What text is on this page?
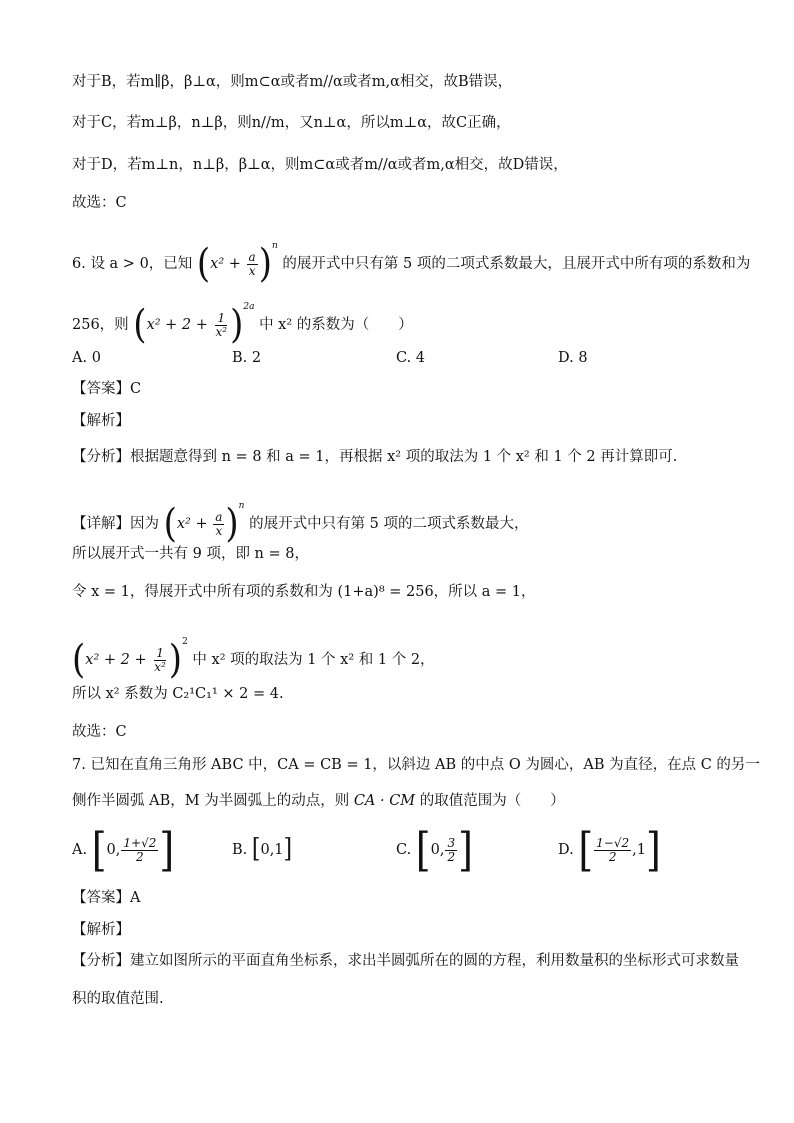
对于B，若m∥β，β⊥α，则m⊂α或者m//α或者m,α相交，故B错误，
对于C，若m⊥β，n⊥β，则n//m，又n⊥α，所以m⊥α，故C正确，
对于D，若m⊥n，n⊥β，β⊥α，则m⊂α或者m//α或者m,α相交，故D错误，
故选：C
6. 设 a > 0，已知 $(x^2 + \frac{a}{x} )^n$ 的展开式中只有第 5 项的二项式系数最大，且展开式中所有项的系数和为
256，则 $(x^2 + 2 + \frac{1}{\text{x²}} )^{2a}$ 中 x² 的系数为（　　）
A. 0	B. 2	C. 4	D. 8
【答案】C
【解析】
【分析】根据题意得到 n = 8 和 a = 1，再根据 x² 项的取法为 1 个 x² 和 1 个 2 再计算即可.
【详解】因为 $(x^2 + \frac{a}{x} )^n$ 的展开式中只有第 5 项的二项式系数最大，
所以展开式一共有 9 项，即 n = 8，
令 x = 1，得展开式中所有项的系数和为 (1+a)⁸ = 256，所以 a = 1，
$(x^2 + 2 + \frac{1}{\text{x²}} )^2$ 中 x² 项的取法为 1 个 x² 和 1 个 2，
所以 x² 系数为 C₂¹C₁¹ × 2 = 4.
故选：C
7. 已知在直角三角形 ABC 中，CA = CB = 1，以斜边 AB 的中点 O 为圆心，AB 为直径，在点 C 的另一
侧作半圆弧 AB，M 为半圆弧上的动点，则 CA · CM 的取值范围为（　　）
A. [0, $\frac{1+√2}{2}$ ]	B. [0,1]	C. [0, $\frac{3}{2}$ ]	D. [ $\frac{1-√2}{2} ,1$]
【答案】A
【解析】
【分析】建立如图所示的平面直角坐标系，求出半圆弧所在的圆的方程，利用数量积的坐标形式可求数量
积的取值范围.
